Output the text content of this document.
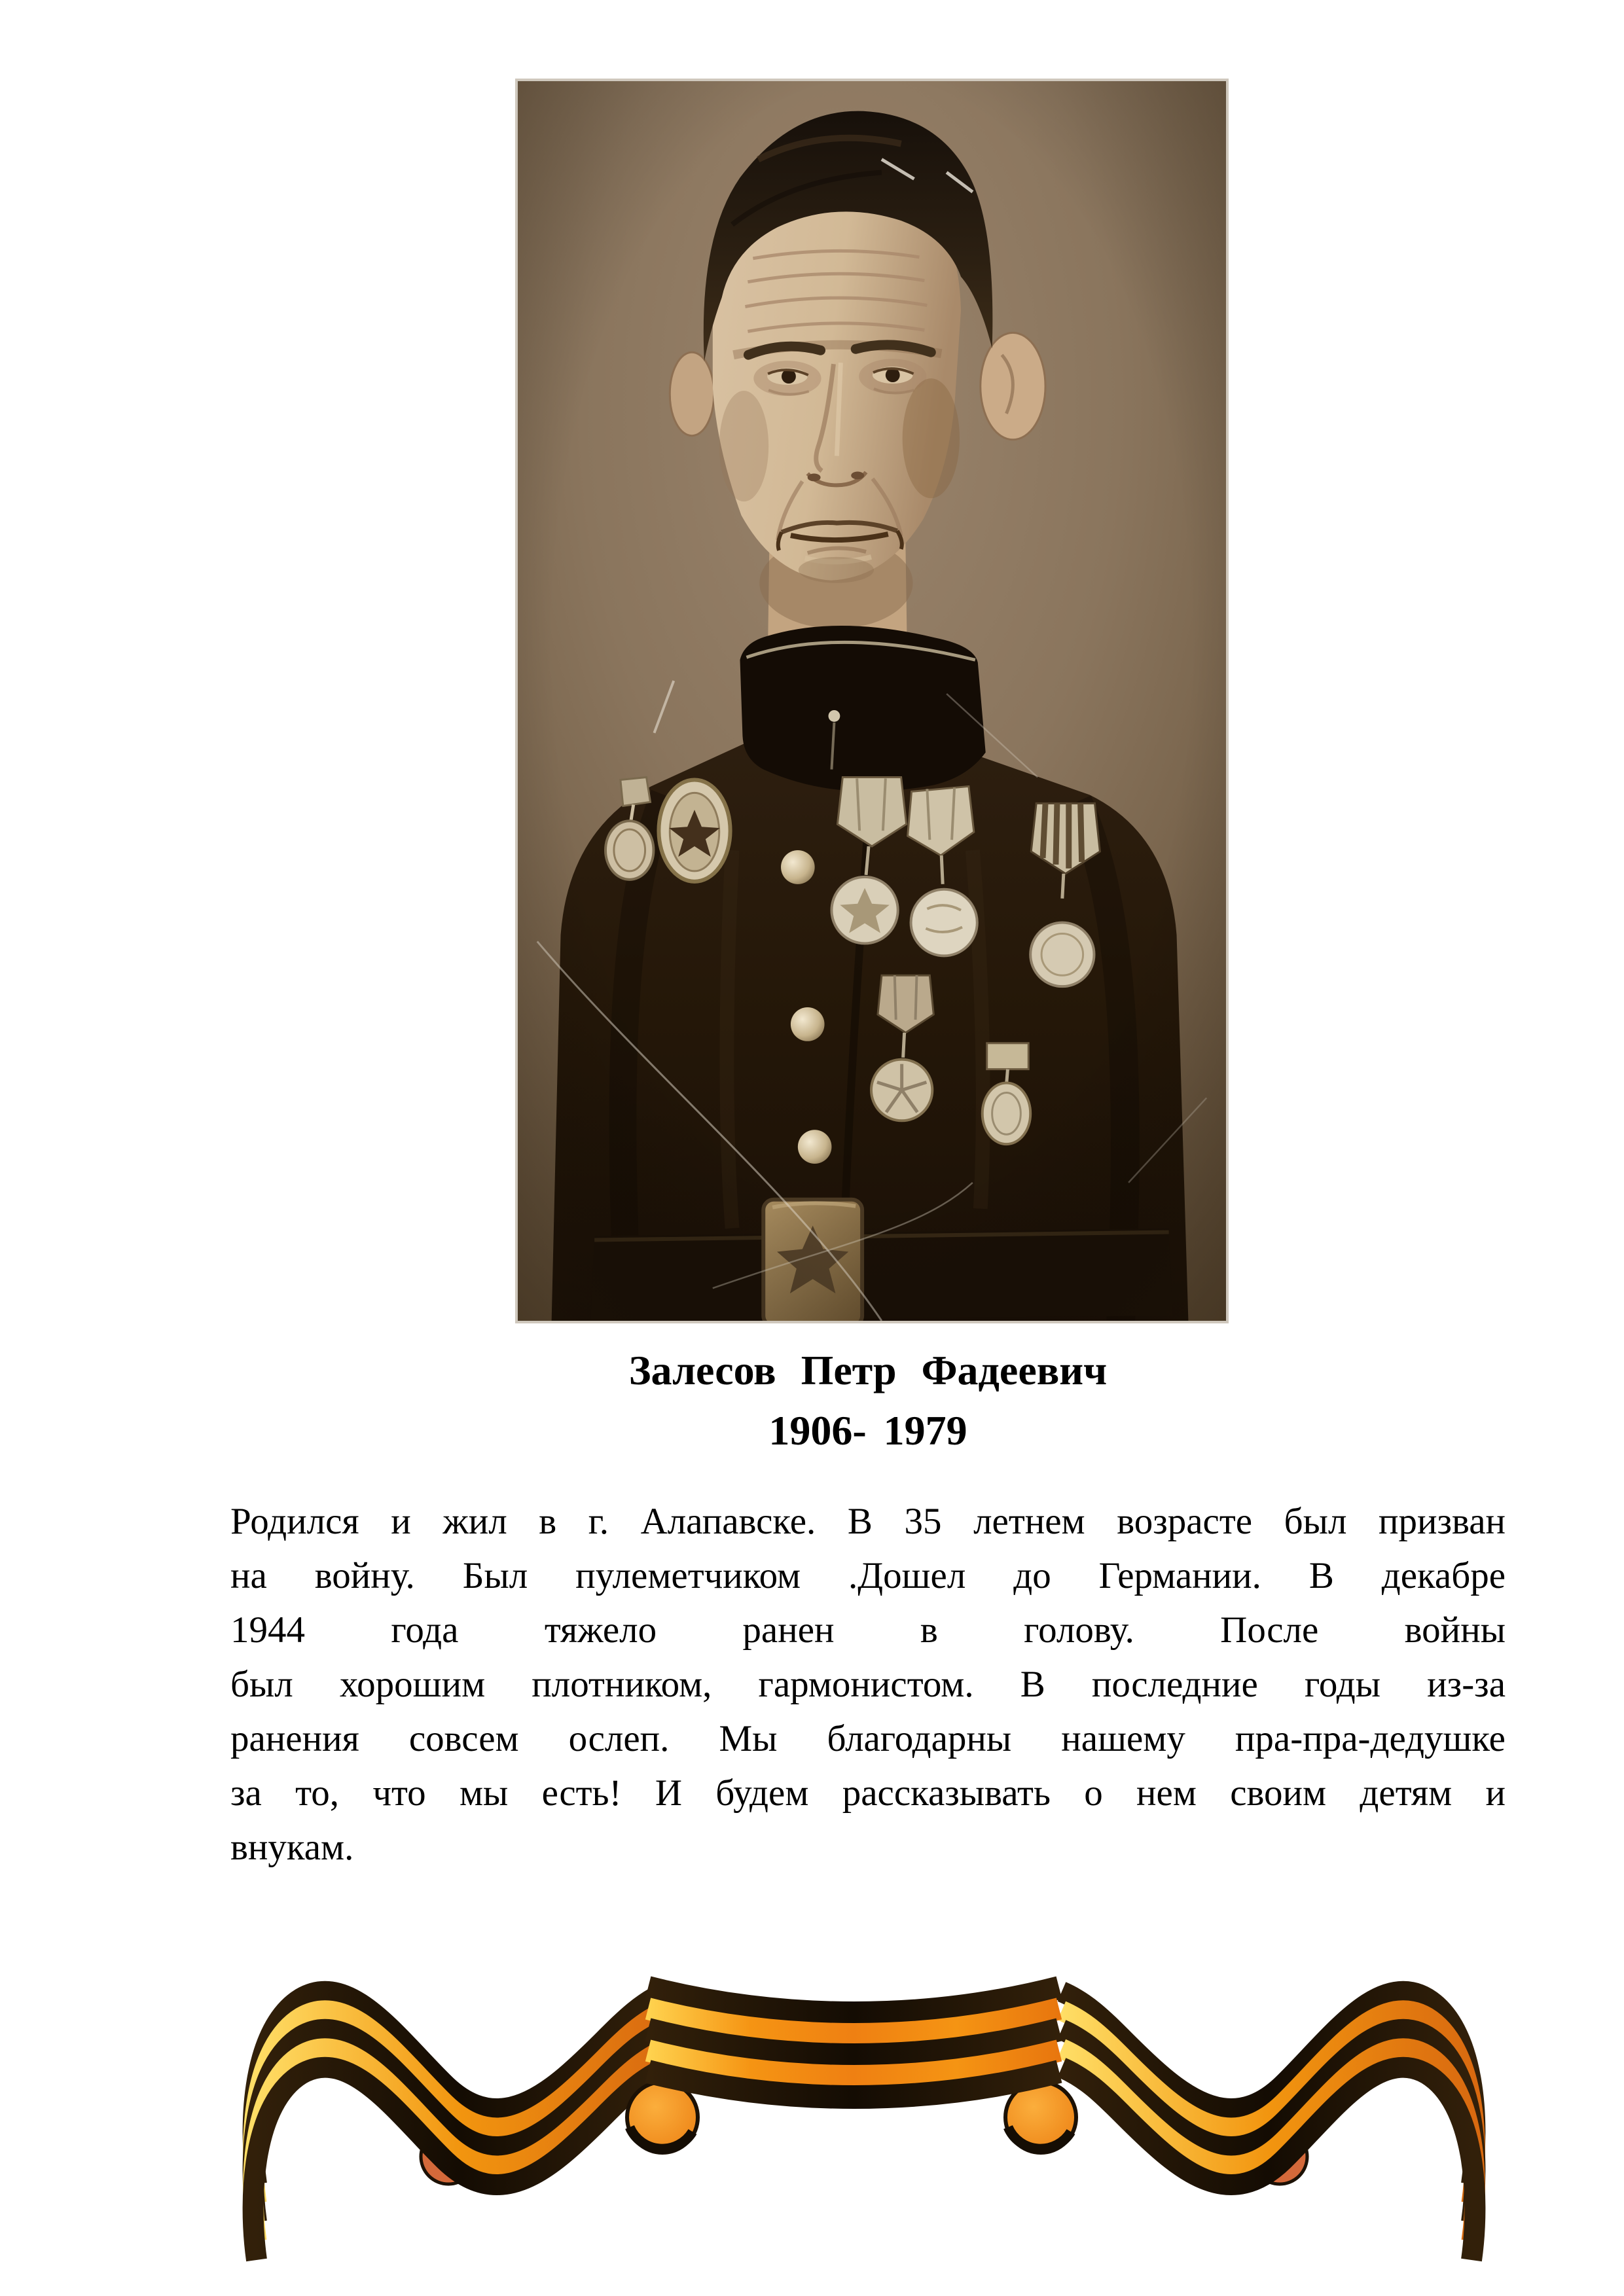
Залесов Петр Фадеевич
1906- 1979
Родился и жил в г. Алапавске. В 35 летнем возрасте был призван
на войну. Был пулеметчиком .Дошел до Германии. В декабре
1944 года тяжело ранен в голову. После войны
был хорошим плотником, гармонистом. В последние годы из-за
ранения совсем ослеп. Мы благодарны нашему пра-пра-дедушке
за то, что мы есть! И будем рассказывать о нем своим детям и
внукам.
